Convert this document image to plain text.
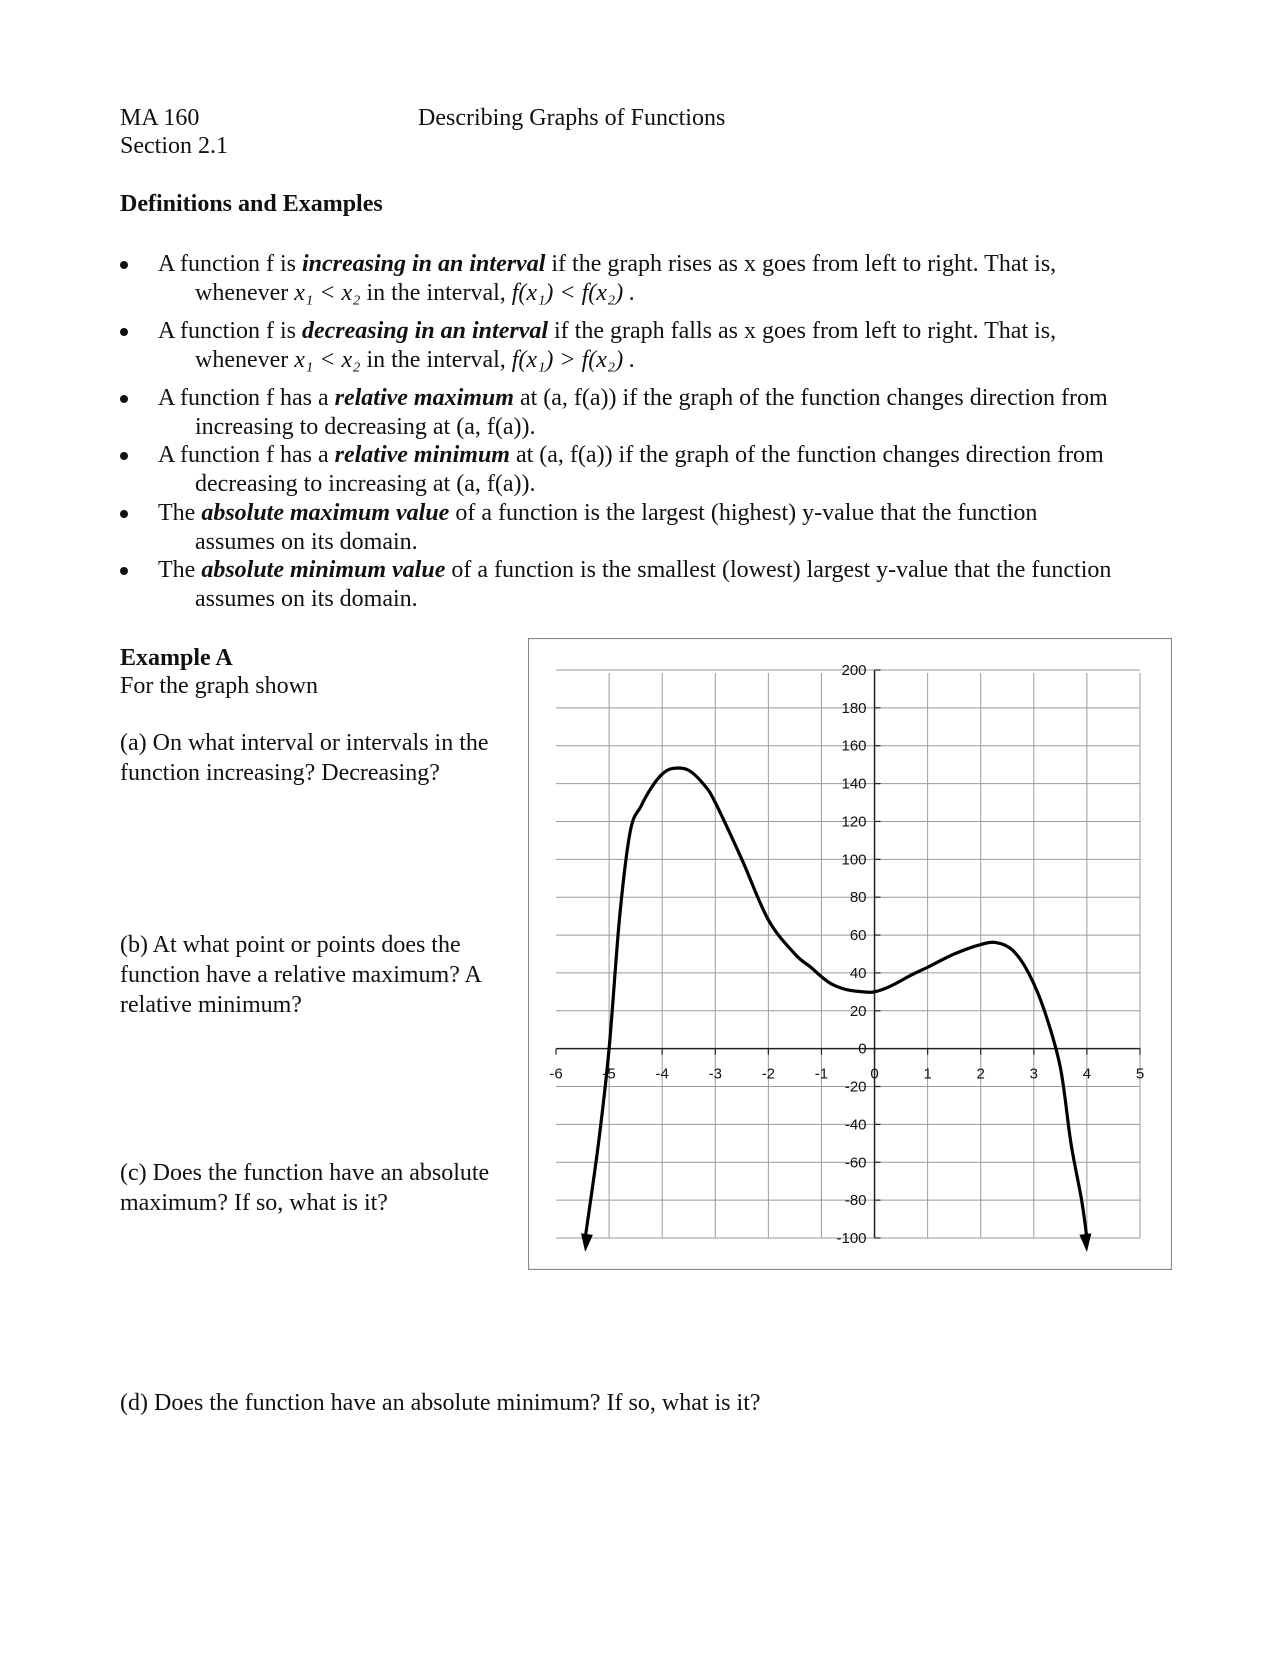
MA 160
Section 2.1
Describing Graphs of Functions
Definitions and Examples
A function f is increasing in an interval if the graph rises as x goes from left to right. That is,
whenever x₁ < x₂ in the interval, f(x₁) < f(x₂) .
A function f is decreasing in an interval if the graph falls as x goes from left to right. That is,
whenever x₁ < x₂ in the interval, f(x₁) > f(x₂) .
A function f has a relative maximum at (a, f(a)) if the graph of the function changes direction from
increasing to decreasing at (a, f(a)).
A function f has a relative minimum at (a, f(a)) if the graph of the function changes direction from
decreasing to increasing at (a, f(a)).
The absolute maximum value of a function is the largest (highest) y-value that the function
assumes on its domain.
The absolute minimum value of a function is the smallest (lowest) largest y-value that the function
assumes on its domain.
Example A
For the graph shown
(a) On what interval or intervals in the
function increasing? Decreasing?
(b) At what point or points does the
function have a relative maximum? A
relative minimum?
(c) Does the function have an absolute
maximum? If so, what is it?
(d) Does the function have an absolute minimum? If so, what is it?
-6	-5	-4	-3	-2	-1	0	1	2	3	4	5
200
180
160
140
120
100
80
60
40
20
0
-20
-40
-60
-80
-100
